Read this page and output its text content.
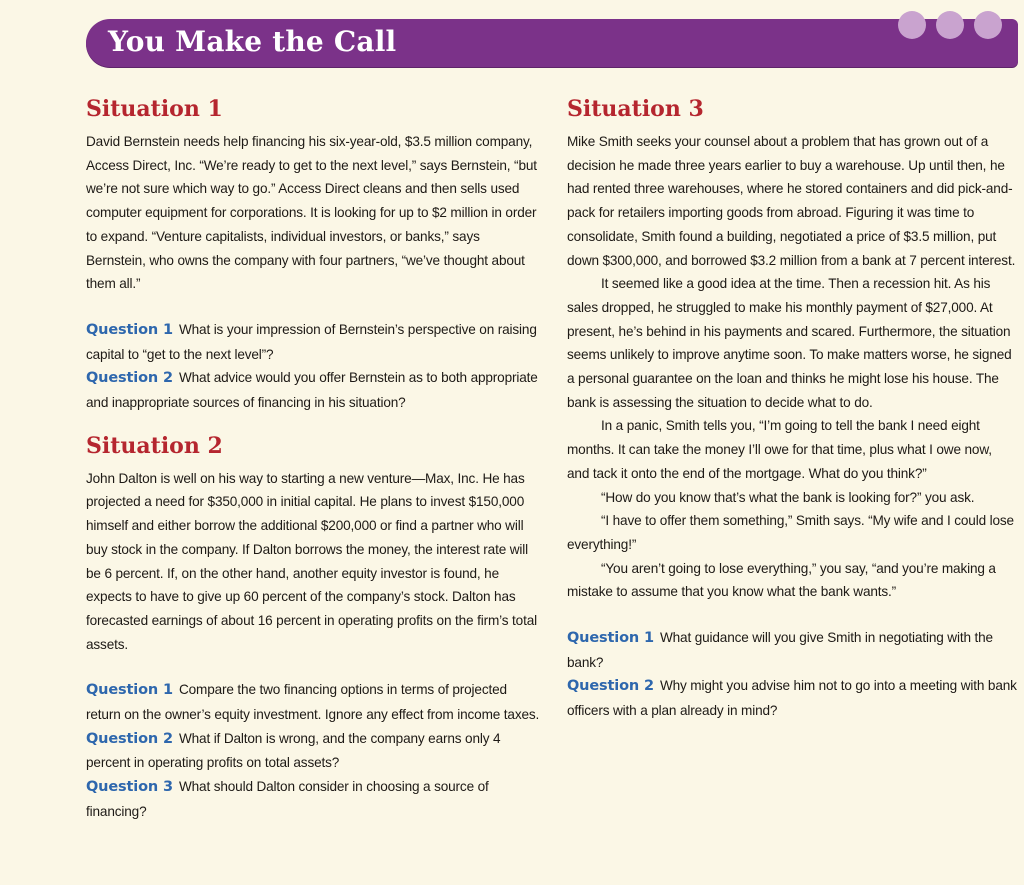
You Make the Call
Situation 1

David Bernstein needs help financing his six-year-old, $3.5 million company, Access Direct, Inc. “We’re ready to get to the next level,” says Bernstein, “but we’re not sure which way to go.” Access Direct cleans and then sells used computer equipment for corporations. It is looking for up to $2 million in order to expand. “Venture capitalists, individual investors, or banks,” says Bernstein, who owns the company with four partners, “we’ve thought about them all.”

Question 1 What is your impression of Bernstein’s perspective on raising capital to “get to the next level”?

Question 2 What advice would you offer Bernstein as to both appropriate and inappropriate sources of financing in his situation?

Situation 2

John Dalton is well on his way to starting a new venture—Max, Inc. He has projected a need for $350,000 in initial capital. He plans to invest $150,000 himself and either borrow the additional $200,000 or find a partner who will buy stock in the company. If Dalton borrows the money, the interest rate will be 6 percent. If, on the other hand, another equity investor is found, he expects to have to give up 60 percent of the company’s stock. Dalton has forecasted earnings of about 16 percent in operating profits on the firm’s total assets.

Question 1 Compare the two financing options in terms of projected return on the owner’s equity investment. Ignore any effect from income taxes.

Question 2 What if Dalton is wrong, and the company earns only 4 percent in operating profits on total assets?

Question 3 What should Dalton consider in choosing a source of financing?

Situation 3

Mike Smith seeks your counsel about a problem that has grown out of a decision he made three years earlier to buy a warehouse. Up until then, he had rented three warehouses, where he stored containers and did pick-and-pack for retailers importing goods from abroad. Figuring it was time to consolidate, Smith found a building, negotiated a price of $3.5 million, put down $300,000, and borrowed $3.2 million from a bank at 7 percent interest.

It seemed like a good idea at the time. Then a recession hit. As his sales dropped, he struggled to make his monthly payment of $27,000. At present, he’s behind in his payments and scared. Furthermore, the situation seems unlikely to improve anytime soon. To make matters worse, he signed a personal guarantee on the loan and thinks he might lose his house. The bank is assessing the situation to decide what to do.

In a panic, Smith tells you, “I’m going to tell the bank I need eight months. It can take the money I’ll owe for that time, plus what I owe now, and tack it onto the end of the mortgage. What do you think?”

“How do you know that’s what the bank is looking for?” you ask.

“I have to offer them something,” Smith says. “My wife and I could lose everything!”

“You aren’t going to lose everything,” you say, “and you’re making a mistake to assume that you know what the bank wants.”

Question 1 What guidance will you give Smith in negotiating with the bank?

Question 2 Why might you advise him not to go into a meeting with bank officers with a plan already in mind?
